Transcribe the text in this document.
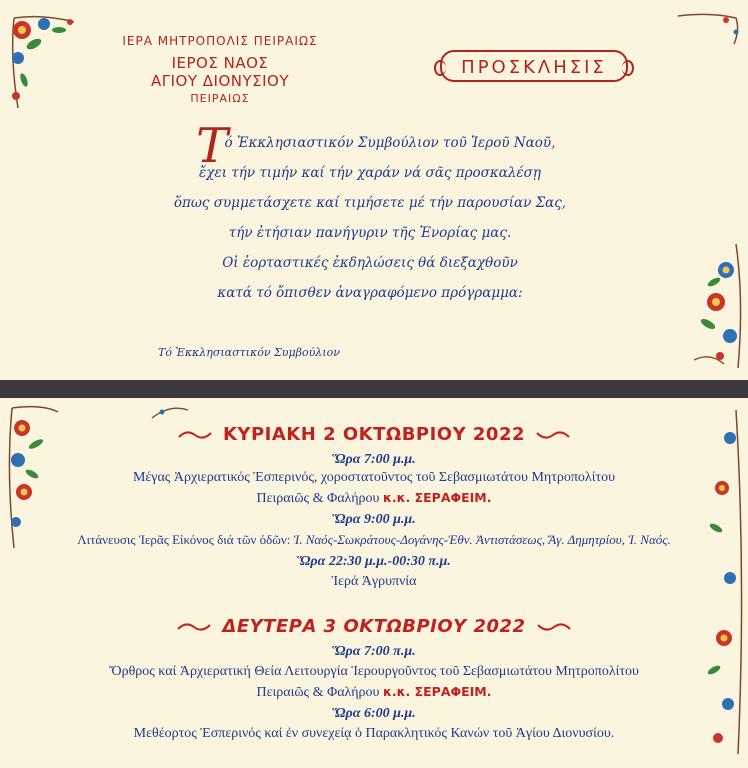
ΙΕΡΑ ΜΗΤΡΟΠΟΛΙΣ ΠΕΙΡΑΙΩΣ
ΙΕΡΟΣ ΝΑΟΣ
ΑΓΙΟΥ ΔΙΟΝΥΣΙΟΥ
ΠΕΙΡΑΙΩΣ
ΠΡΟΣΚΛΗΣΙΣ
Τ
ό Ἐκκλησιαστικόν Συμβούλιον τοῦ Ἱεροῦ Ναοῦ,
ἔχει τήν τιμήν καί τήν χαράν νά σᾶς προσκαλέσῃ
ὅπως συμμετάσχετε καί τιμήσετε μέ τήν παρουσίαν Σας,
τήν ἐτήσιαν πανήγυριν τῆς Ἐνορίας μας.
Οἱ ἑορταστικές ἐκδηλώσεις θά διεξαχθοῦν
κατά τό ὄπισθεν ἀναγραφόμενο πρόγραμμα:
Τό Ἐκκλησιαστικόν Συμβούλιον
ΚΥΡΙΑΚΗ 2 ΟΚΤΩΒΡΙΟΥ 2022
Ὥρα 7:00 μ.μ.
Μέγας Ἀρχιερατικός Ἑσπερινός, χοροστατοῦντος τοῦ Σεβασμιωτάτου Μητροπολίτου
Πειραιῶς & Φαλήρου κ.κ. ΣΕΡΑΦΕΙΜ.
Ὥρα 9:00 μ.μ.
Λιτάνευσις Ἱερᾶς Εἰκόνος διά τῶν ὁδῶν: Ἱ. Ναός-Σωκράτους-Δογάνης-Ἐθν. Ἀντιστάσεως, Ἅγ. Δημητρίου, Ἱ. Ναός.
Ὥρα 22:30 μ.μ.-00:30 π.μ.
Ἱερά Ἀγρυπνία
ΔΕΥΤΕΡΑ 3 ΟΚΤΩΒΡΙΟΥ 2022
Ὥρα 7:00 π.μ.
Ὄρθρος καί Ἀρχιερατική Θεία Λειτουργία Ἱερουργοῦντος τοῦ Σεβασμιωτάτου Μητροπολίτου
Πειραιῶς & Φαλήρου κ.κ. ΣΕΡΑΦΕΙΜ.
Ὥρα 6:00 μ.μ.
Μεθέορτος Ἑσπερινός καί ἐν συνεχείᾳ ὁ Παρακλητικός Κανών τοῦ Ἁγίου Διονυσίου.
